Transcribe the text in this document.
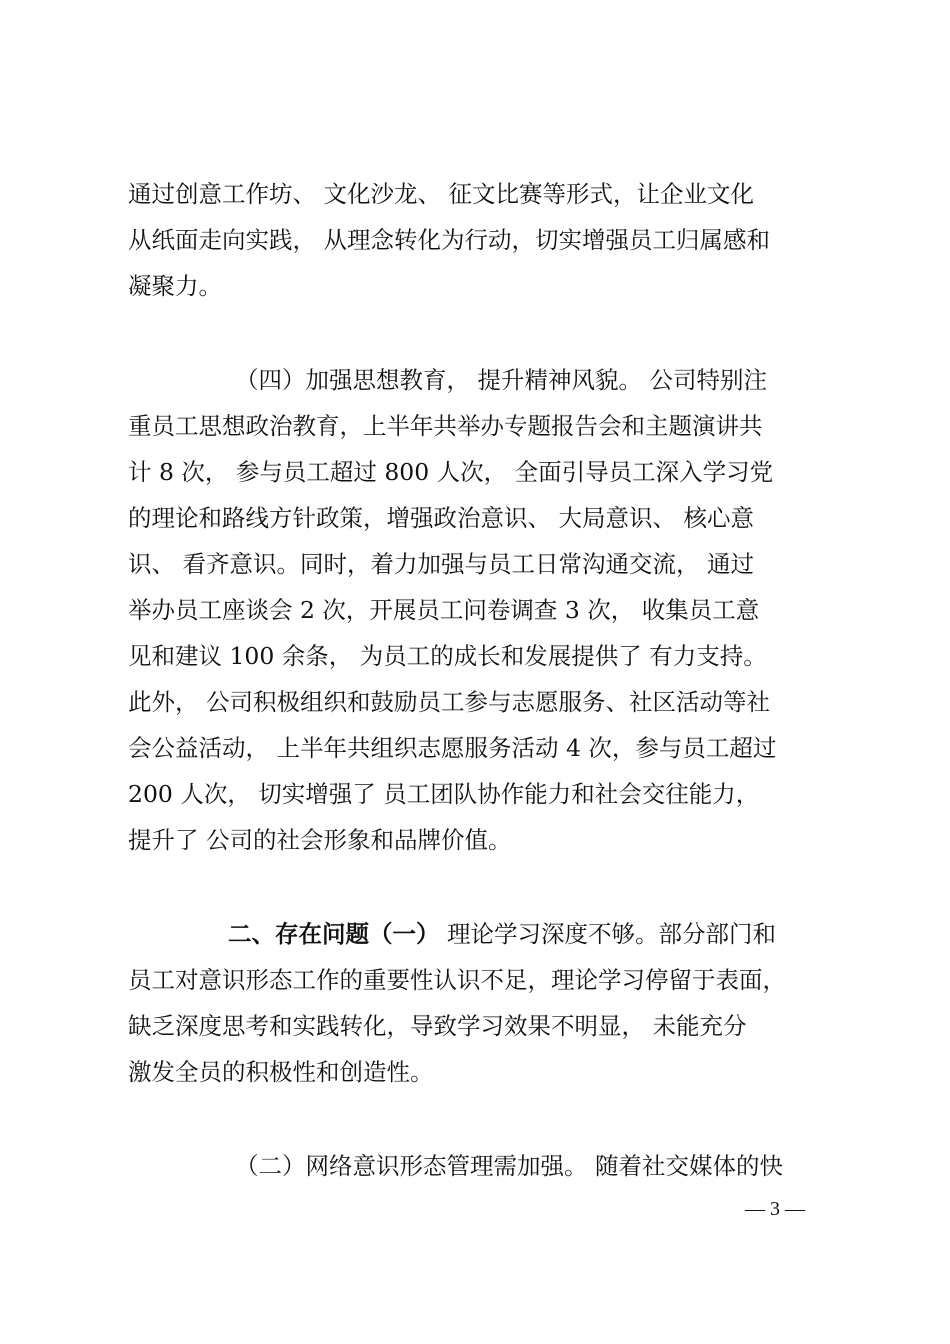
通过创意工作坊、 文化沙龙、 征文比赛等形式，让企业文化
从纸面走向实践， 从理念转化为行动，切实增强员工归属感和
凝聚力。
（四）加强思想教育， 提升精神风貌。 公司特别注
重员工思想政治教育，上半年共举办专题报告会和主题演讲共
计 8 次， 参与员工超过 800 人次， 全面引导员工深入学习党
的理论和路线方针政策，增强政治意识、 大局意识、 核心意
识、 看齐意识。同时，着力加强与员工日常沟通交流， 通过
举办员工座谈会 2 次，开展员工问卷调查 3 次， 收集员工意
见和建议 100 余条， 为员工的成长和发展提供了 有力支持。
此外， 公司积极组织和鼓励员工参与志愿服务、社区活动等社
会公益活动， 上半年共组织志愿服务活动 4 次，参与员工超过
200 人次， 切实增强了 员工团队协作能力和社会交往能力，
提升了 公司的社会形象和品牌价值。
二、存在问题（一） 理论学习深度不够。部分部门和
员工对意识形态工作的重要性认识不足，理论学习停留于表面，
缺乏深度思考和实践转化，导致学习效果不明显， 未能充分
激发全员的积极性和创造性。
（二）网络意识形态管理需加强。 随着社交媒体的快
— 3 —
